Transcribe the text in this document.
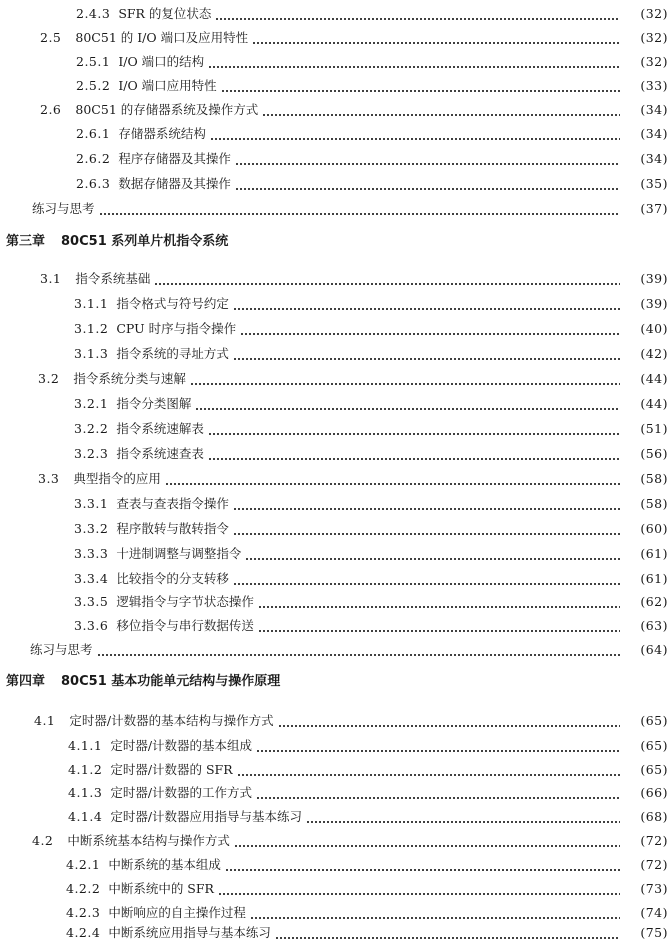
2.4.3 SFR 的复位状态	(32)
2.5 80C51 的 I/O 端口及应用特性	(32)
2.5.1 I/O 端口的结构	(32)
2.5.2 I/O 端口应用特性	(33)
2.6 80C51 的存储器系统及操作方式	(34)
2.6.1 存储器系统结构	(34)
2.6.2 程序存储器及其操作	(34)
2.6.3 数据存储器及其操作	(35)
练习与思考	(37)
第三章 80C51 系列单片机指令系统
3.1 指令系统基础	(39)
3.1.1 指令格式与符号约定	(39)
3.1.2 CPU 时序与指令操作	(40)
3.1.3 指令系统的寻址方式	(42)
3.2 指令系统分类与速解	(44)
3.2.1 指令分类图解	(44)
3.2.2 指令系统速解表	(51)
3.2.3 指令系统速查表	(56)
3.3 典型指令的应用	(58)
3.3.1 查表与查表指令操作	(58)
3.3.2 程序散转与散转指令	(60)
3.3.3 十进制调整与调整指令	(61)
3.3.4 比较指令的分支转移	(61)
3.3.5 逻辑指令与字节状态操作	(62)
3.3.6 移位指令与串行数据传送	(63)
练习与思考	(64)
第四章 80C51 基本功能单元结构与操作原理
4.1 定时器/计数器的基本结构与操作方式	(65)
4.1.1 定时器/计数器的基本组成	(65)
4.1.2 定时器/计数器的 SFR	(65)
4.1.3 定时器/计数器的工作方式	(66)
4.1.4 定时器/计数器应用指导与基本练习	(68)
4.2 中断系统基本结构与操作方式	(72)
4.2.1 中断系统的基本组成	(72)
4.2.2 中断系统中的 SFR	(73)
4.2.3 中断响应的自主操作过程	(74)
4.2.4 中断系统应用指导与基本练习	(75)
